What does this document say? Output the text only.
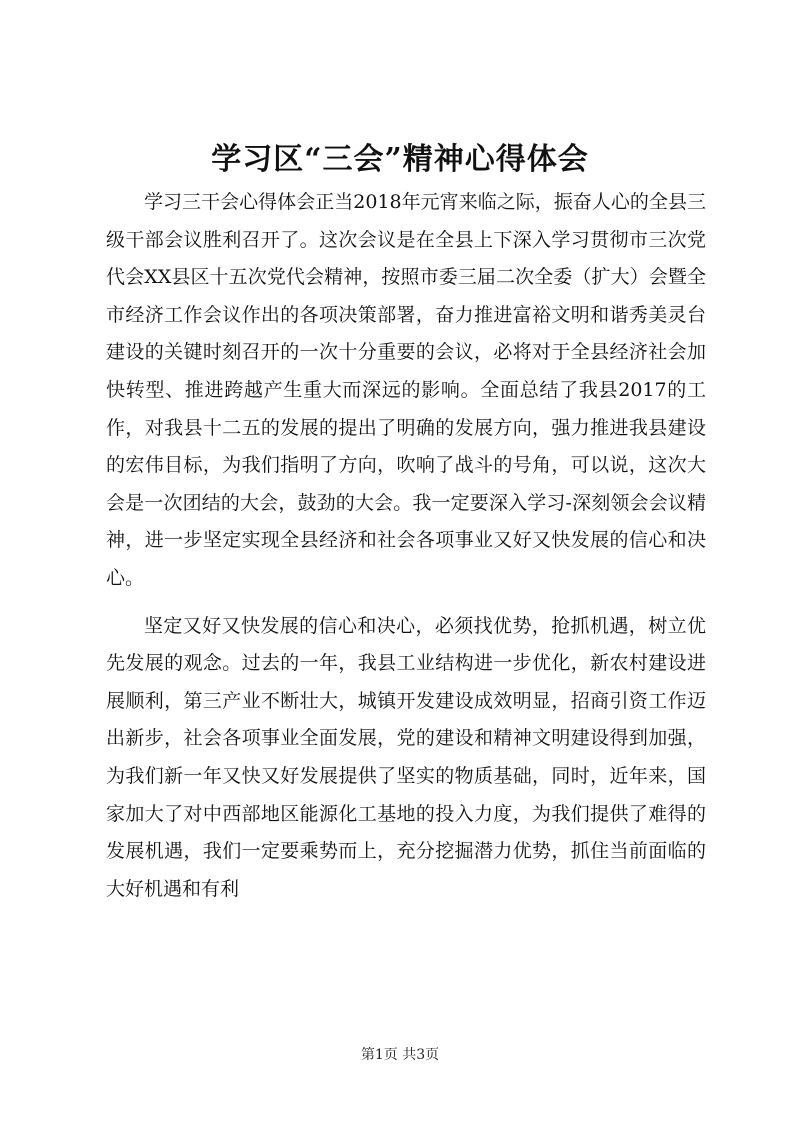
学习区“三会”精神心得体会

学习三干会心得体会正当2018年元宵来临之际，振奋人心的全县三级干部会议胜利召开了。这次会议是在全县上下深入学习贯彻市三次党代会XX县区十五次党代会精神，按照市委三届二次全委（扩大）会暨全市经济工作会议作出的各项决策部署，奋力推进富裕文明和谐秀美灵台建设的关键时刻召开的一次十分重要的会议，必将对于全县经济社会加快转型、推进跨越产生重大而深远的影响。全面总结了我县2017的工作，对我县十二五的发展的提出了明确的发展方向，强力推进我县建设的宏伟目标，为我们指明了方向，吹响了战斗的号角，可以说，这次大会是一次团结的大会，鼓劲的大会。我一定要深入学习-深刻领会会议精神，进一步坚定实现全县经济和社会各项事业又好又快发展的信心和决心。

坚定又好又快发展的信心和决心，必须找优势，抢抓机遇，树立优先发展的观念。过去的一年，我县工业结构进一步优化，新农村建设进展顺利，第三产业不断壮大，城镇开发建设成效明显，招商引资工作迈出新步，社会各项事业全面发展，党的建设和精神文明建设得到加强，为我们新一年又快又好发展提供了坚实的物质基础，同时，近年来，国家加大了对中西部地区能源化工基地的投入力度，为我们提供了难得的发展机遇，我们一定要乘势而上，充分挖掘潜力优势，抓住当前面临的大好机遇和有利

第1页 共3页
